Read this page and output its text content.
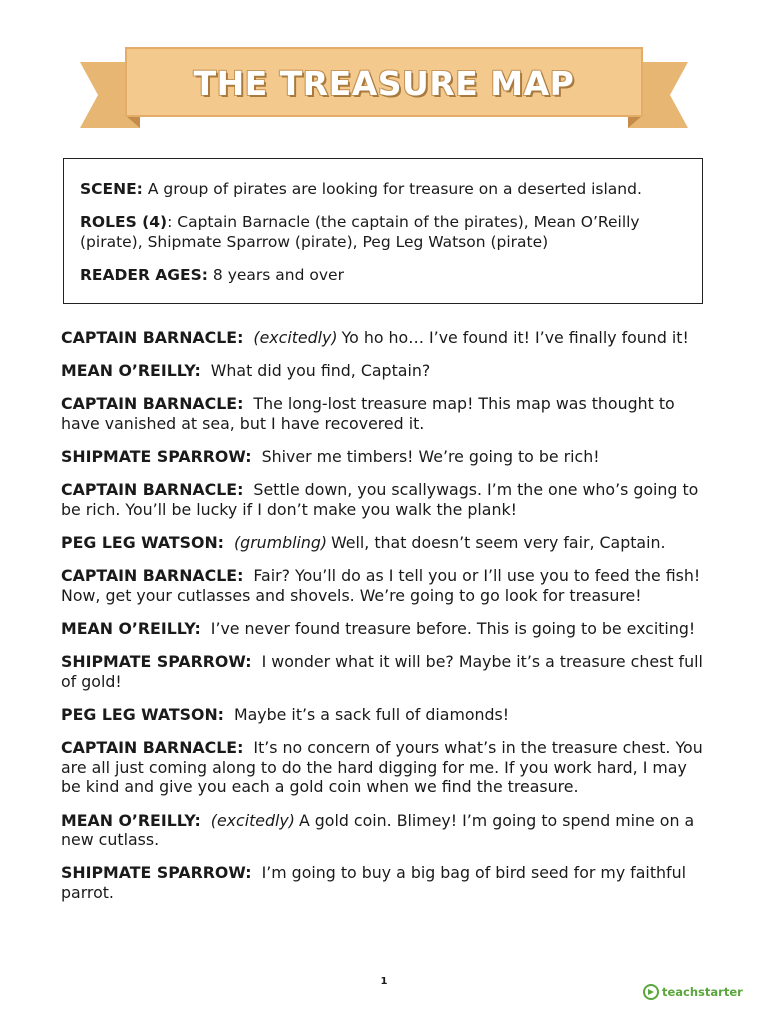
THE TREASURE MAP

SCENE: A group of pirates are looking for treasure on a deserted island.

ROLES (4): Captain Barnacle (the captain of the pirates), Mean O’Reilly (pirate), Shipmate Sparrow (pirate), Peg Leg Watson (pirate)

READER AGES: 8 years and over

CAPTAIN BARNACLE: (excitedly) Yo ho ho… I’ve found it! I’ve finally found it!
MEAN O’REILLY: What did you find, Captain?
CAPTAIN BARNACLE: The long-lost treasure map! This map was thought to have vanished at sea, but I have recovered it.
SHIPMATE SPARROW: Shiver me timbers! We’re going to be rich!
CAPTAIN BARNACLE: Settle down, you scallywags. I’m the one who’s going to be rich. You’ll be lucky if I don’t make you walk the plank!
PEG LEG WATSON: (grumbling) Well, that doesn’t seem very fair, Captain.
CAPTAIN BARNACLE: Fair? You’ll do as I tell you or I’ll use you to feed the fish! Now, get your cutlasses and shovels. We’re going to go look for treasure!
MEAN O’REILLY: I’ve never found treasure before. This is going to be exciting!
SHIPMATE SPARROW: I wonder what it will be? Maybe it’s a treasure chest full of gold!
PEG LEG WATSON: Maybe it’s a sack full of diamonds!
CAPTAIN BARNACLE: It’s no concern of yours what’s in the treasure chest. You are all just coming along to do the hard digging for me. If you work hard, I may be kind and give you each a gold coin when we find the treasure.
MEAN O’REILLY: (excitedly) A gold coin. Blimey! I’m going to spend mine on a new cutlass.
SHIPMATE SPARROW: I’m going to buy a big bag of bird seed for my faithful parrot.
1
teachstarter
